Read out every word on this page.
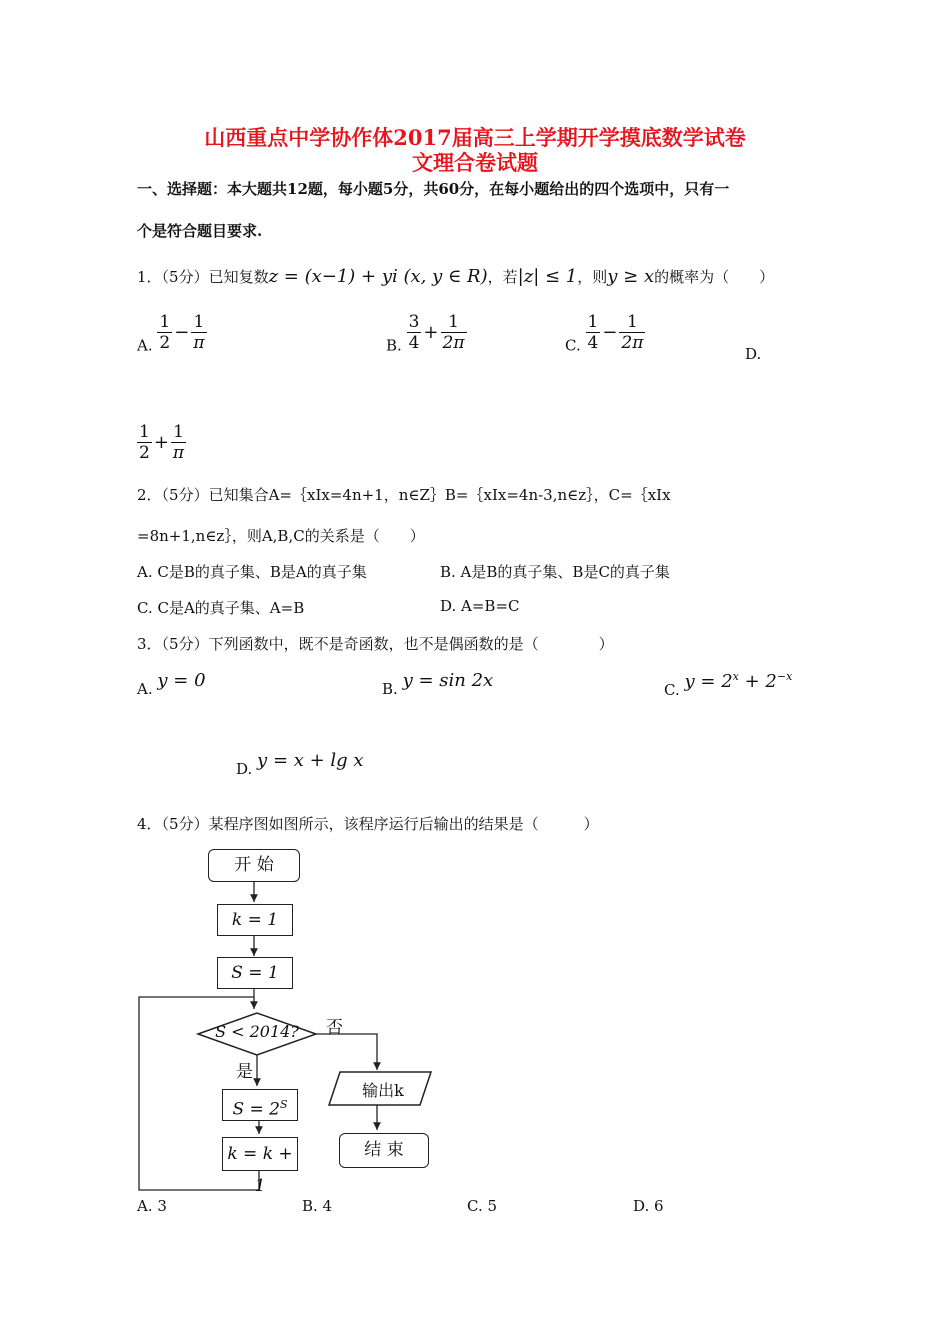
山西重点中学协作体2017届高三上学期开学摸底数学试卷
文理合卷试题
一、选择题：本大题共12题，每小题5分，共60分，在每小题给出的四个选项中，只有一
个是符合题目要求.
1．（5分）已知复数z = (x−1) + yi (x, y ∈ R)，若|z| ≤ 1，则y ≥ x的概率为（　　）
A. $\frac{1}{2} - \frac{1}{\pi}$	B. $\frac{3}{4} + \frac{1}{2\pi}$	C. $\frac{1}{4} - \frac{1}{2\pi}$
D.
$\frac{1}{2} + \frac{1}{\pi}$
2．（5分）已知集合A=｛xIx=4n+1，n∈Z｝B=｛xIx=4n-3,n∈z｝，C=｛xIx
=8n+1,n∈z｝，则A,B,C的关系是（　　）
A. C是B的真子集、B是A的真子集	B. A是B的真子集、B是C的真子集
C. C是A的真子集、A=B	D. A=B=C
3．（5分）下列函数中，既不是奇函数，也不是偶函数的是（　　　　）
A. y = 0	B. y = sin 2x	C. $y = 2^x + 2^{-x}$
D. y = x + lg x
4．（5分）某程序图如图所示，该程序运行后输出的结果是（　　　）
开 始
k = 1
S = 1
S < 2014? 否
是
$S = 2^S$
k = k + 1
输出k
结 束
A. 3	B. 4	C. 5	D. 6
